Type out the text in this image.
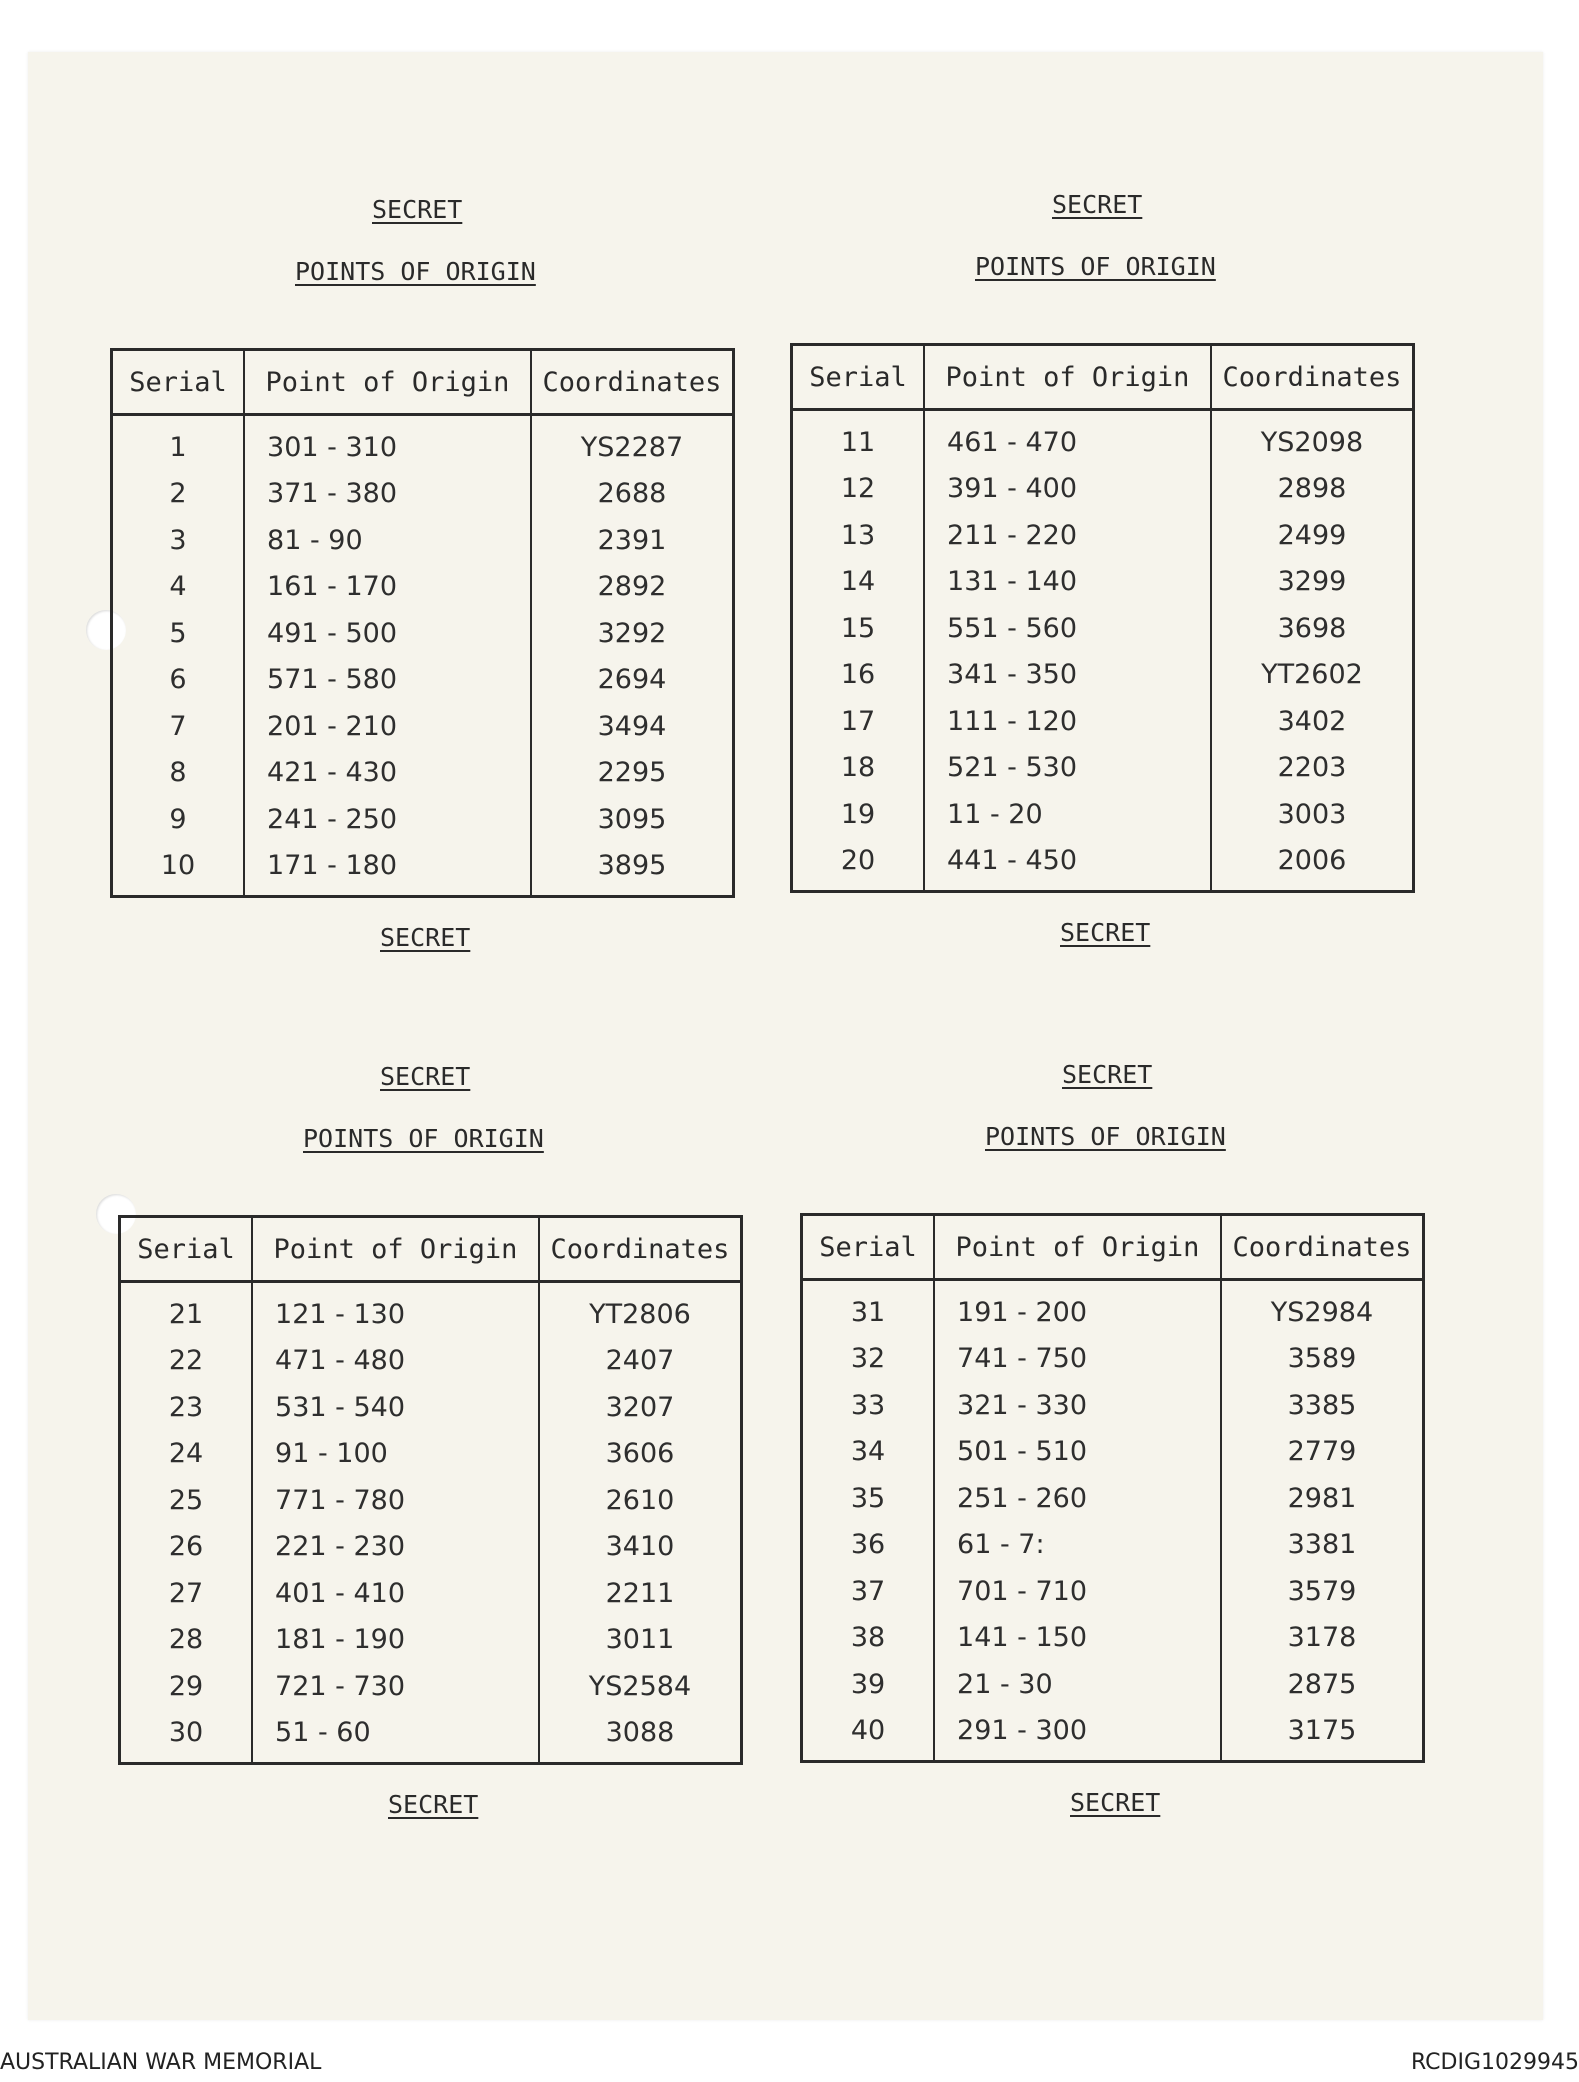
SECRET
POINTS OF ORIGIN
Serial	Point of Origin	Coordinates
1	301 - 310	YS2287
2	371 - 380	2688
3	81 - 90	2391
4	161 - 170	2892
5	491 - 500	3292
6	571 - 580	2694
7	201 - 210	3494
8	421 - 430	2295
9	241 - 250	3095
10	171 - 180	3895
SECRET
SECRET
POINTS OF ORIGIN
Serial	Point of Origin	Coordinates
11	461 - 470	YS2098
12	391 - 400	2898
13	211 - 220	2499
14	131 - 140	3299
15	551 - 560	3698
16	341 - 350	YT2602
17	111 - 120	3402
18	521 - 530	2203
19	11 - 20	3003
20	441 - 450	2006
SECRET
SECRET
POINTS OF ORIGIN
Serial	Point of Origin	Coordinates
21	121 - 130	YT2806
22	471 - 480	2407
23	531 - 540	3207
24	91 - 100	3606
25	771 - 780	2610
26	221 - 230	3410
27	401 - 410	2211
28	181 - 190	3011
29	721 - 730	YS2584
30	51 - 60	3088
SECRET
SECRET
POINTS OF ORIGIN
Serial	Point of Origin	Coordinates
31	191 - 200	YS2984
32	741 - 750	3589
33	321 - 330	3385
34	501 - 510	2779
35	251 - 260	2981
36	61 - 7:	3381
37	701 - 710	3579
38	141 - 150	3178
39	21 - 30	2875
40	291 - 300	3175
SECRET
AUSTRALIAN WAR MEMORIAL	RCDIG1029945
